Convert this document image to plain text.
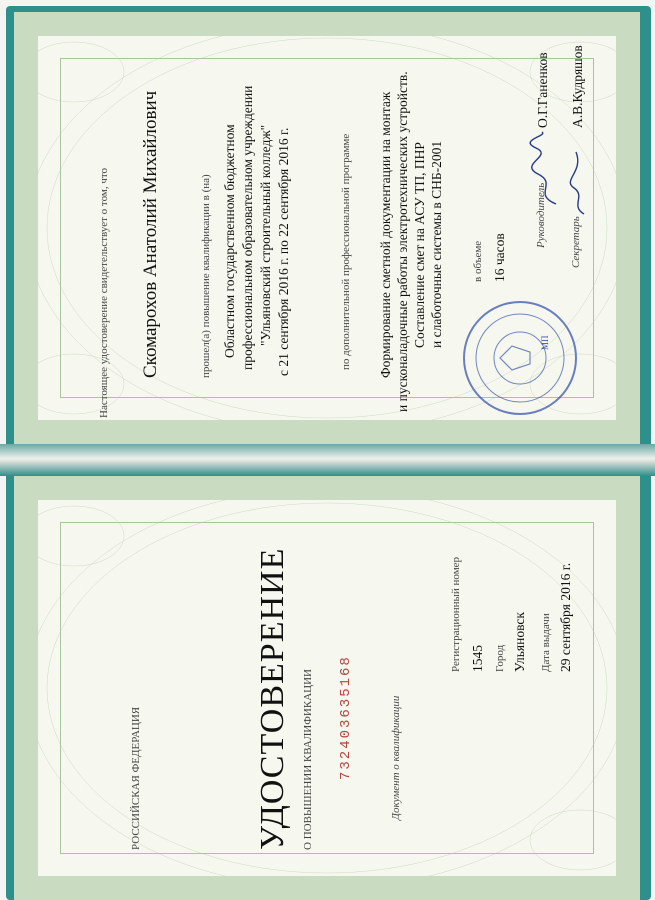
Настоящее удостоверение свидетельствует о том, что Скомарохов Анатолий Михайлович	прошел(а) повышение квалификации в (на) Областном государственном бюджетном профессиональном образовательном учреждении "Ульяновский строительный колледж" с 21 сентября 2016 г. по 22 сентября 2016 г.	по дополнительной профессиональной программе Формирование сметной документации на монтаж и пусконаладочные работы электротехнических устройств. Составление смет на АСУ ТП, ПНР и слаботочные системы в СНБ-2001	в объеме 16 часов
Руководитель
О.Г.Ганенков
Секретарь
А.В.Кудряшов
МП
РОССИЙСКАЯ ФЕДЕРАЦИЯ	УДОСТОВЕРЕНИЕ О ПОВЫШЕНИИ КВАЛИФИКАЦИИ 732403635168	Документ о квалификации
Регистрационный номер 1545 Город Ульяновск Дата выдачи 29 сентября 2016 г.
